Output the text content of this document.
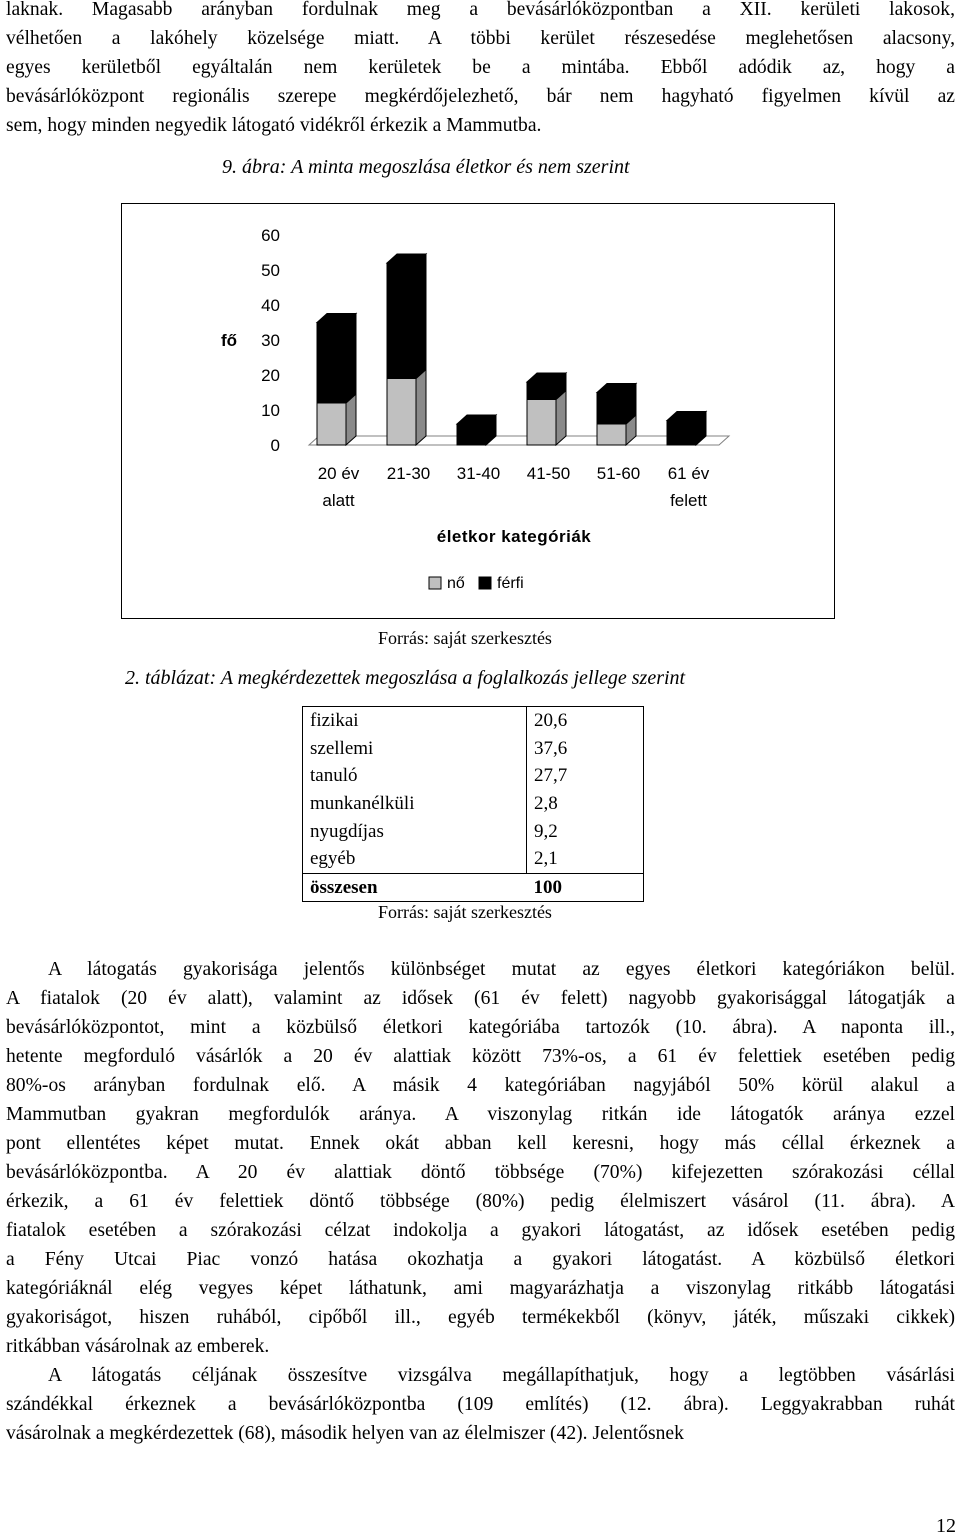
laknak. Magasabb arányban fordulnak meg a bevásárlóközpontban a XII. kerületi lakosok,
vélhetően a lakóhely közelsége miatt. A többi kerület részesedése meglehetősen alacsony,
egyes kerületből egyáltalán nem kerületek be a mintába. Ebből adódik az, hogy a
bevásárlóközpont regionális szerepe megkérdőjelezhető, bár nem hagyható figyelmen kívül az
sem, hogy minden negyedik látogató vidékről érkezik a Mammutba.
9. ábra: A minta megoszlása életkor és nem szerint
60
50
40
30
20
10
0
fő
20 év
alatt
21-30 31-40 41-50 51-60 61 év
felett
életkor kategóriák
nő férfi
Forrás: saját szerkesztés
2. táblázat: A megkérdezettek megoszlása a foglalkozás jellege szerint
fizikai	20,6
szellemi	37,6
tanuló	27,7
munkanélküli	2,8
nyugdíjas	9,2
egyéb	2,1
összesen	100
Forrás: saját szerkesztés
A látogatás gyakorisága jelentős különbséget mutat az egyes életkori kategóriákon belül.
A fiatalok (20 év alatt), valamint az idősek (61 év felett) nagyobb gyakorisággal látogatják a
bevásárlóközpontot, mint a közbülső életkori kategóriába tartozók (10. ábra). A naponta ill.,
hetente megforduló vásárlók a 20 év alattiak között 73%-os, a 61 év felettiek esetében pedig
80%-os arányban fordulnak elő. A másik 4 kategóriában nagyjából 50% körül alakul a
Mammutban gyakran megfordulók aránya. A viszonylag ritkán ide látogatók aránya ezzel
pont ellentétes képet mutat. Ennek okát abban kell keresni, hogy más céllal érkeznek a
bevásárlóközpontba. A 20 év alattiak döntő többsége (70%) kifejezetten szórakozási céllal
érkezik, a 61 év felettiek döntő többsége (80%) pedig élelmiszert vásárol (11. ábra). A
fiatalok esetében a szórakozási célzat indokolja a gyakori látogatást, az idősek esetében pedig
a Fény Utcai Piac vonzó hatása okozhatja a gyakori látogatást. A közbülső életkori
kategóriáknál elég vegyes képet láthatunk, ami magyarázhatja a viszonylag ritkább látogatási
gyakoriságot, hiszen ruhából, cipőből ill., egyéb termékekből (könyv, játék, műszaki cikkek)
ritkábban vásárolnak az emberek.
A látogatás céljának összesítve vizsgálva megállapíthatjuk, hogy a legtöbben vásárlási
szándékkal érkeznek a bevásárlóközpontba (109 említés) (12. ábra). Leggyakrabban ruhát
vásárolnak a megkérdezettek (68), második helyen van az élelmiszer (42). Jelentősnek
12
